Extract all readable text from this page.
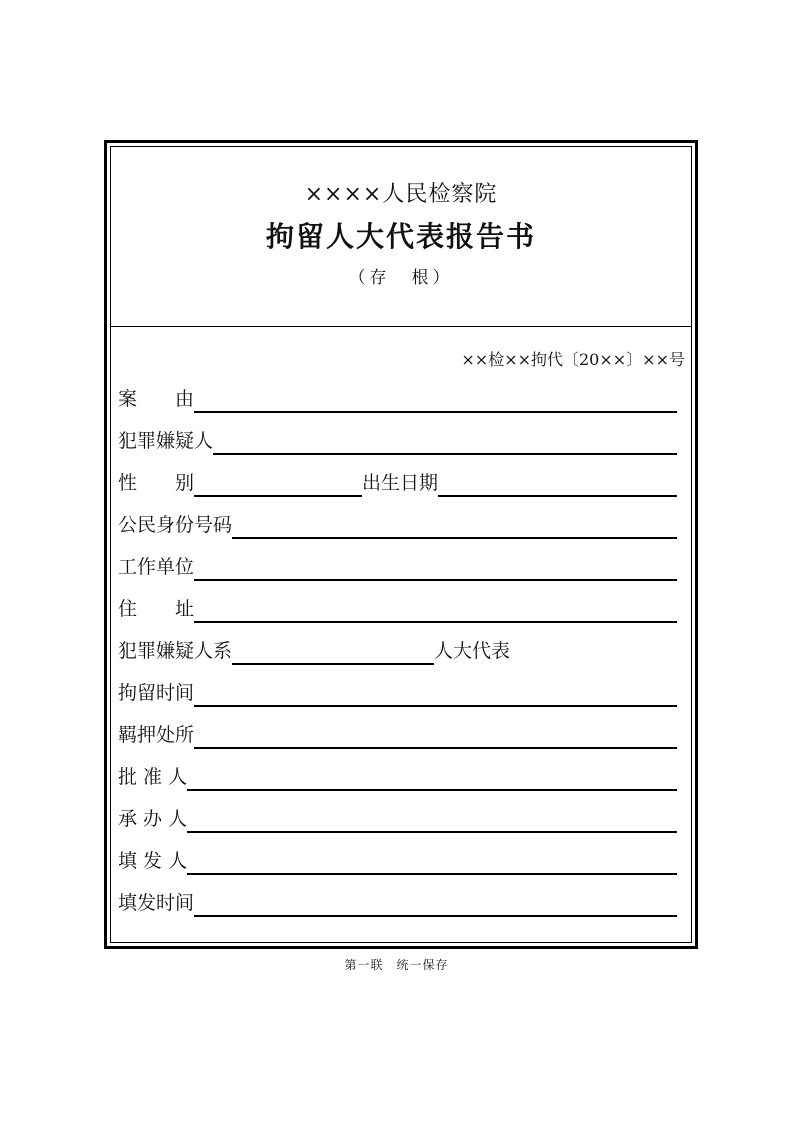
××××人民检察院
拘留人大代表报告书
（存　根）
××检××拘代〔20××〕××号
案　　由
犯罪嫌疑人
性　　别	出生日期
公民身份号码
工作单位
住　　址
犯罪嫌疑人系	人大代表
拘留时间
羁押处所
批 准 人
承 办 人
填 发 人
填发时间
第一联　统一保存
